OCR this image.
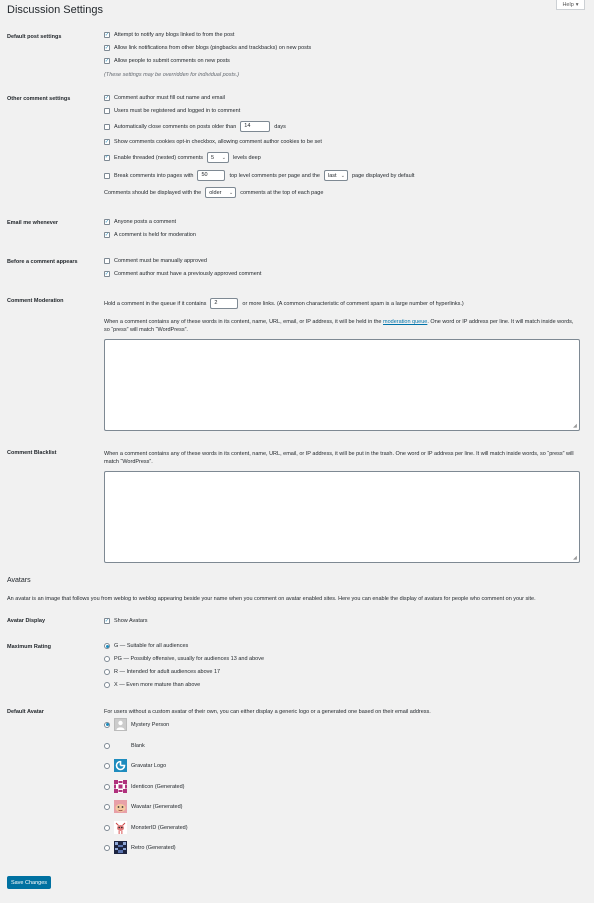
Help ▾
Discussion Settings
Default post settings	✓ Attempt to notify any blogs linked to from the post
✓ Allow link notifications from other blogs (pingbacks and trackbacks) on new posts
✓ Allow people to submit comments on new posts
(These settings may be overridden for individual posts.)
Other comment settings	✓ Comment author must fill out name and email
Users must be registered and logged in to comment
Automatically close comments on posts older than	14	days
✓ Show comments cookies opt-in checkbox, allowing comment author cookies to be set
✓ Enable threaded (nested) comments 5 ⌄ levels deep
Break comments into pages with	50	top level comments per page and the last ⌄ page displayed by default
Comments should be displayed with the older ⌄ comments at the top of each page
Email me whenever	✓ Anyone posts a comment
✓ A comment is held for moderation
Before a comment appears	Comment must be manually approved
✓ Comment author must have a previously approved comment
Comment Moderation	Hold a comment in the queue if it contains	2	or more links. (A common characteristic of comment spam is a large number of hyperlinks.)
When a comment contains any of these words in its content, name, URL, email, or IP address, it will be held in the moderation queue. One word or IP address per line. It will match inside words, so “press” will match “WordPress”.
◢
Comment Blacklist	When a comment contains any of these words in its content, name, URL, email, or IP address, it will be put in the trash. One word or IP address per line. It will match inside words, so “press” will match “WordPress”.
◢
Avatars
An avatar is an image that follows you from weblog to weblog appearing beside your name when you comment on avatar enabled sites. Here you can enable the display of avatars for people who comment on your site.
Avatar Display	✓ Show Avatars
Maximum Rating	G — Suitable for all audiences
PG — Possibly offensive, usually for audiences 13 and above
R — Intended for adult audiences above 17
X — Even more mature than above
Default Avatar	For users without a custom avatar of their own, you can either display a generic logo or a generated one based on their email address.
Mystery Person
Blank
Gravatar Logo
Identicon (Generated)
Wavatar (Generated)
MonsterID (Generated)
Retro (Generated)
Save Changes
